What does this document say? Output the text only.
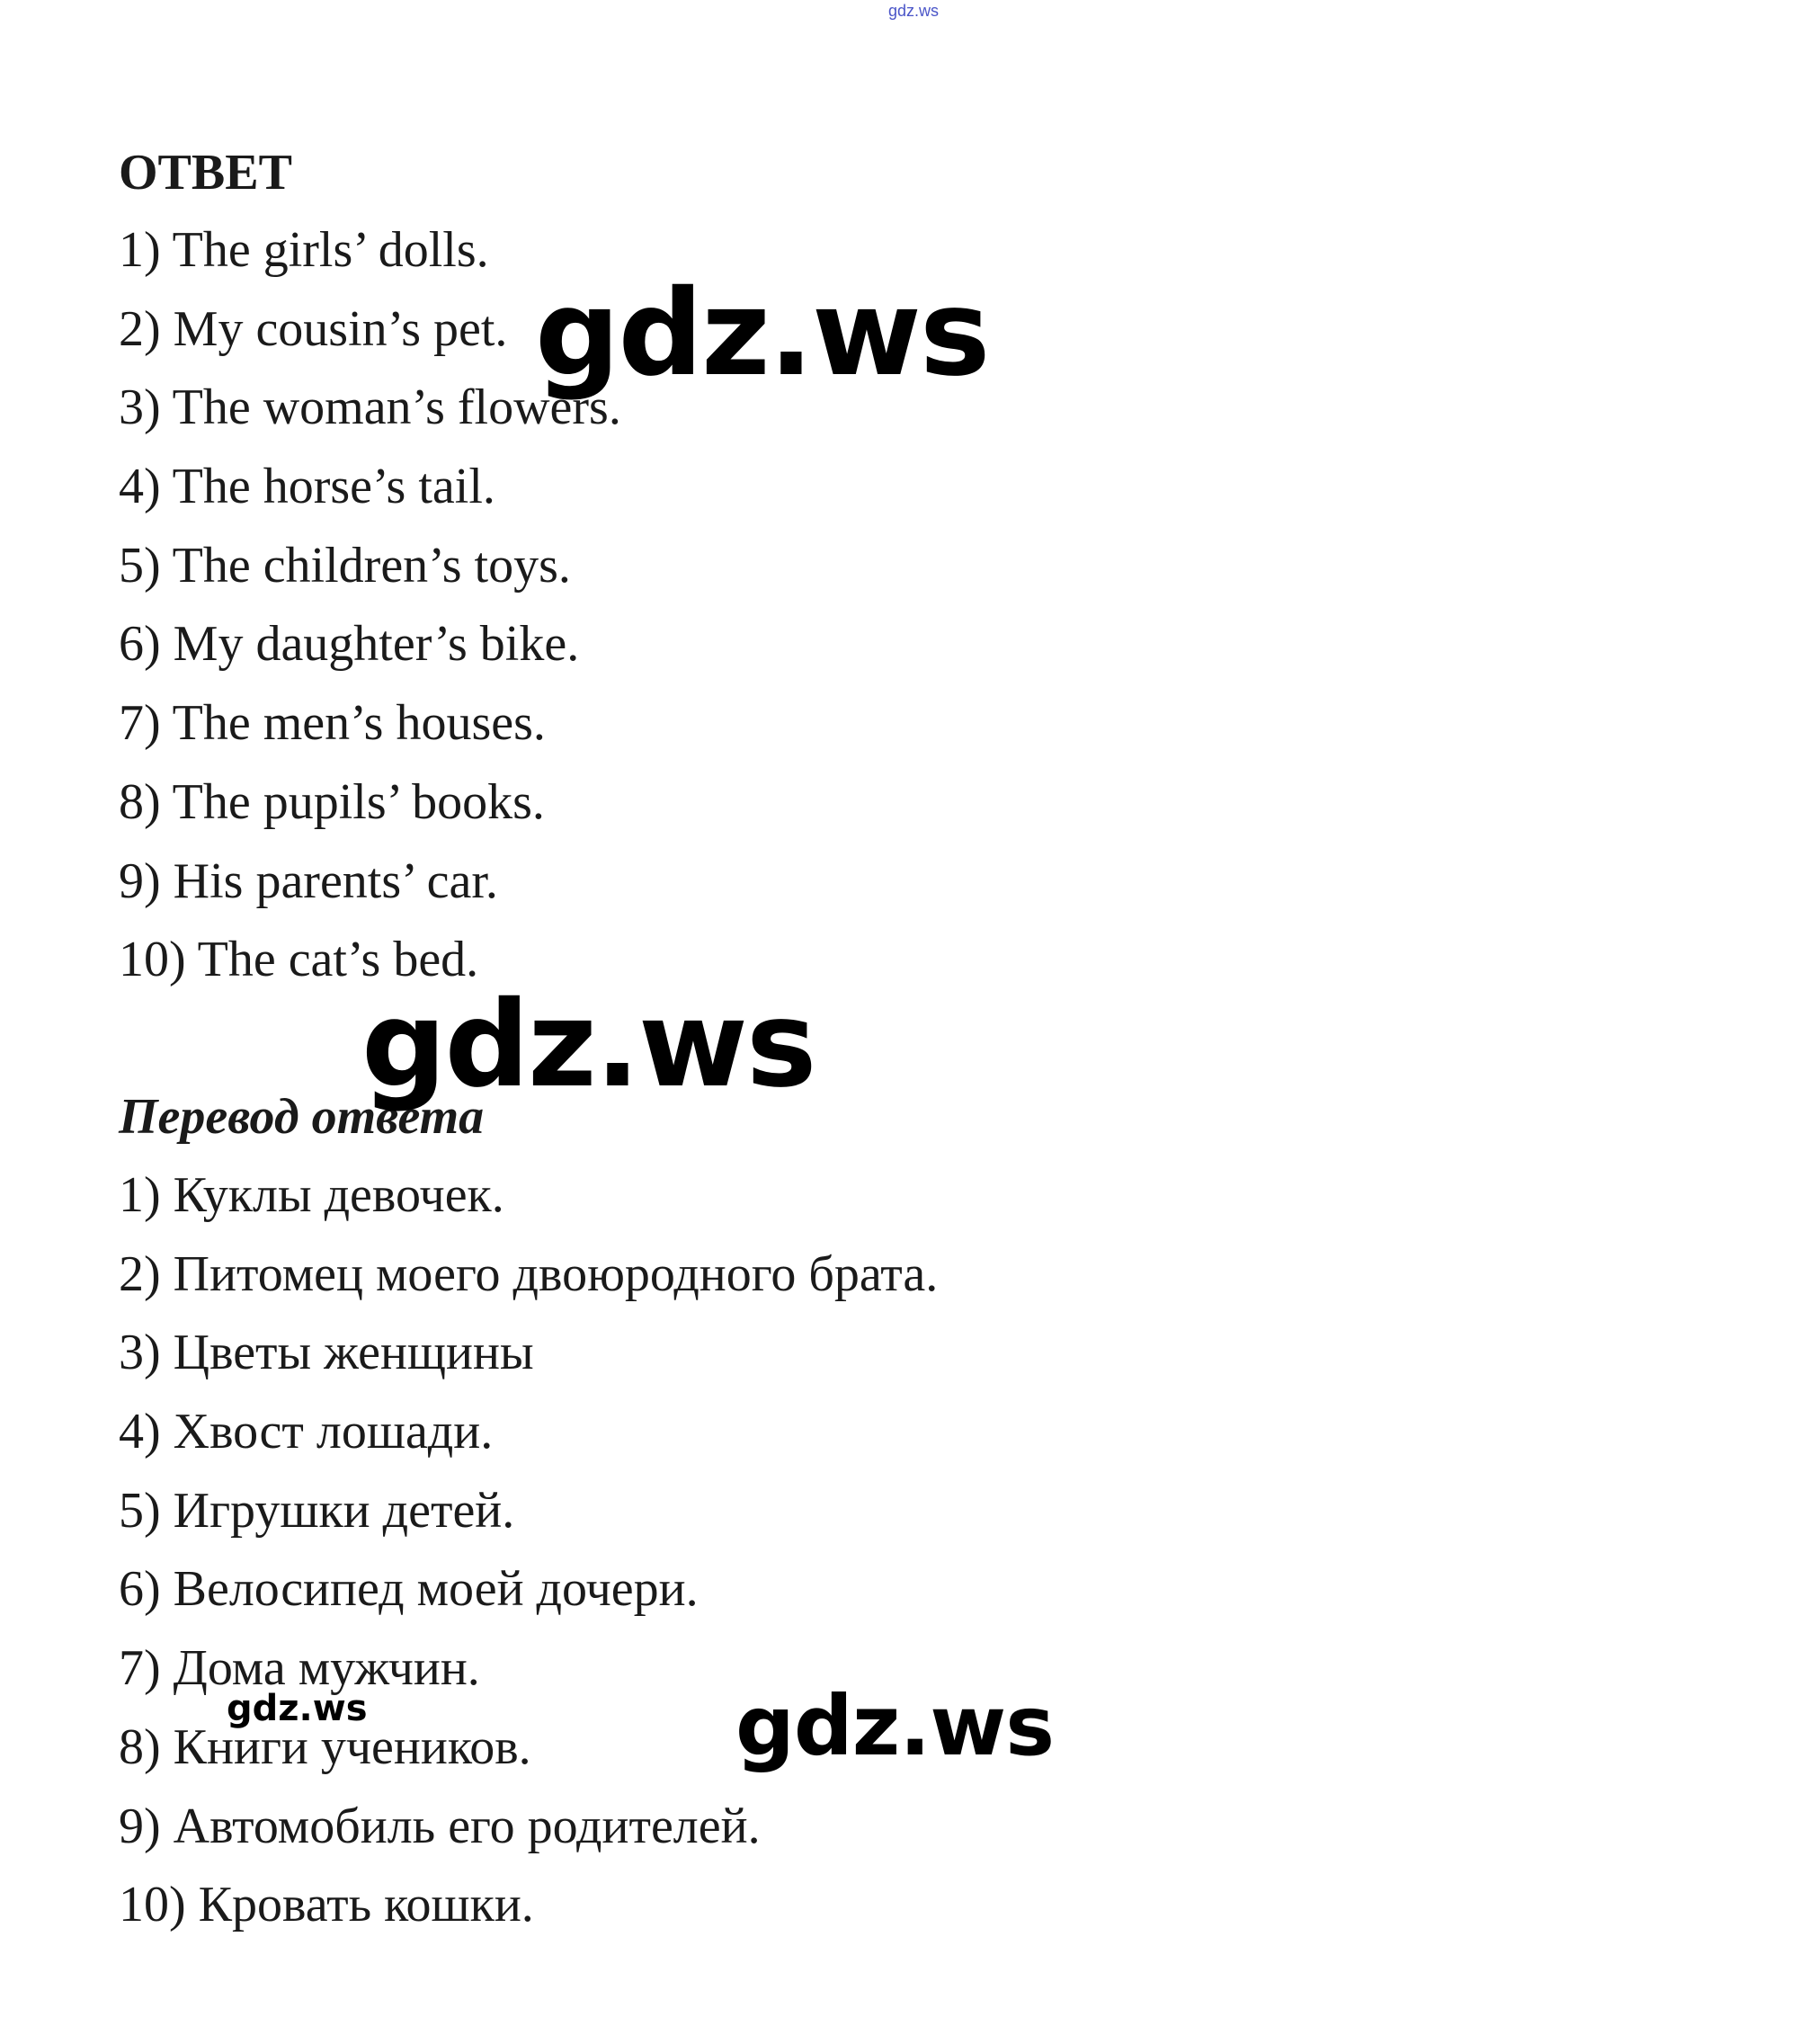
gdz.ws
ОТВЕТ
1) The girls’ dolls.
2) My cousin’s pet.
3) The woman’s flowers.
4) The horse’s tail.
5) The children’s toys.
6) My daughter’s bike.
7) The men’s houses.
8) The pupils’ books.
9) His parents’ car.
10) The cat’s bed.
Перевод ответа
1) Куклы девочек.
2) Питомец моего двоюродного брата.
3) Цветы женщины
4) Хвост лошади.
5) Игрушки детей.
6) Велосипед моей дочери.
7) Дома мужчин.
8) Книги учеников.
9) Автомобиль его родителей.
10) Кровать кошки.
gdz.ws
gdz.ws
gdz.ws
gdz.ws
